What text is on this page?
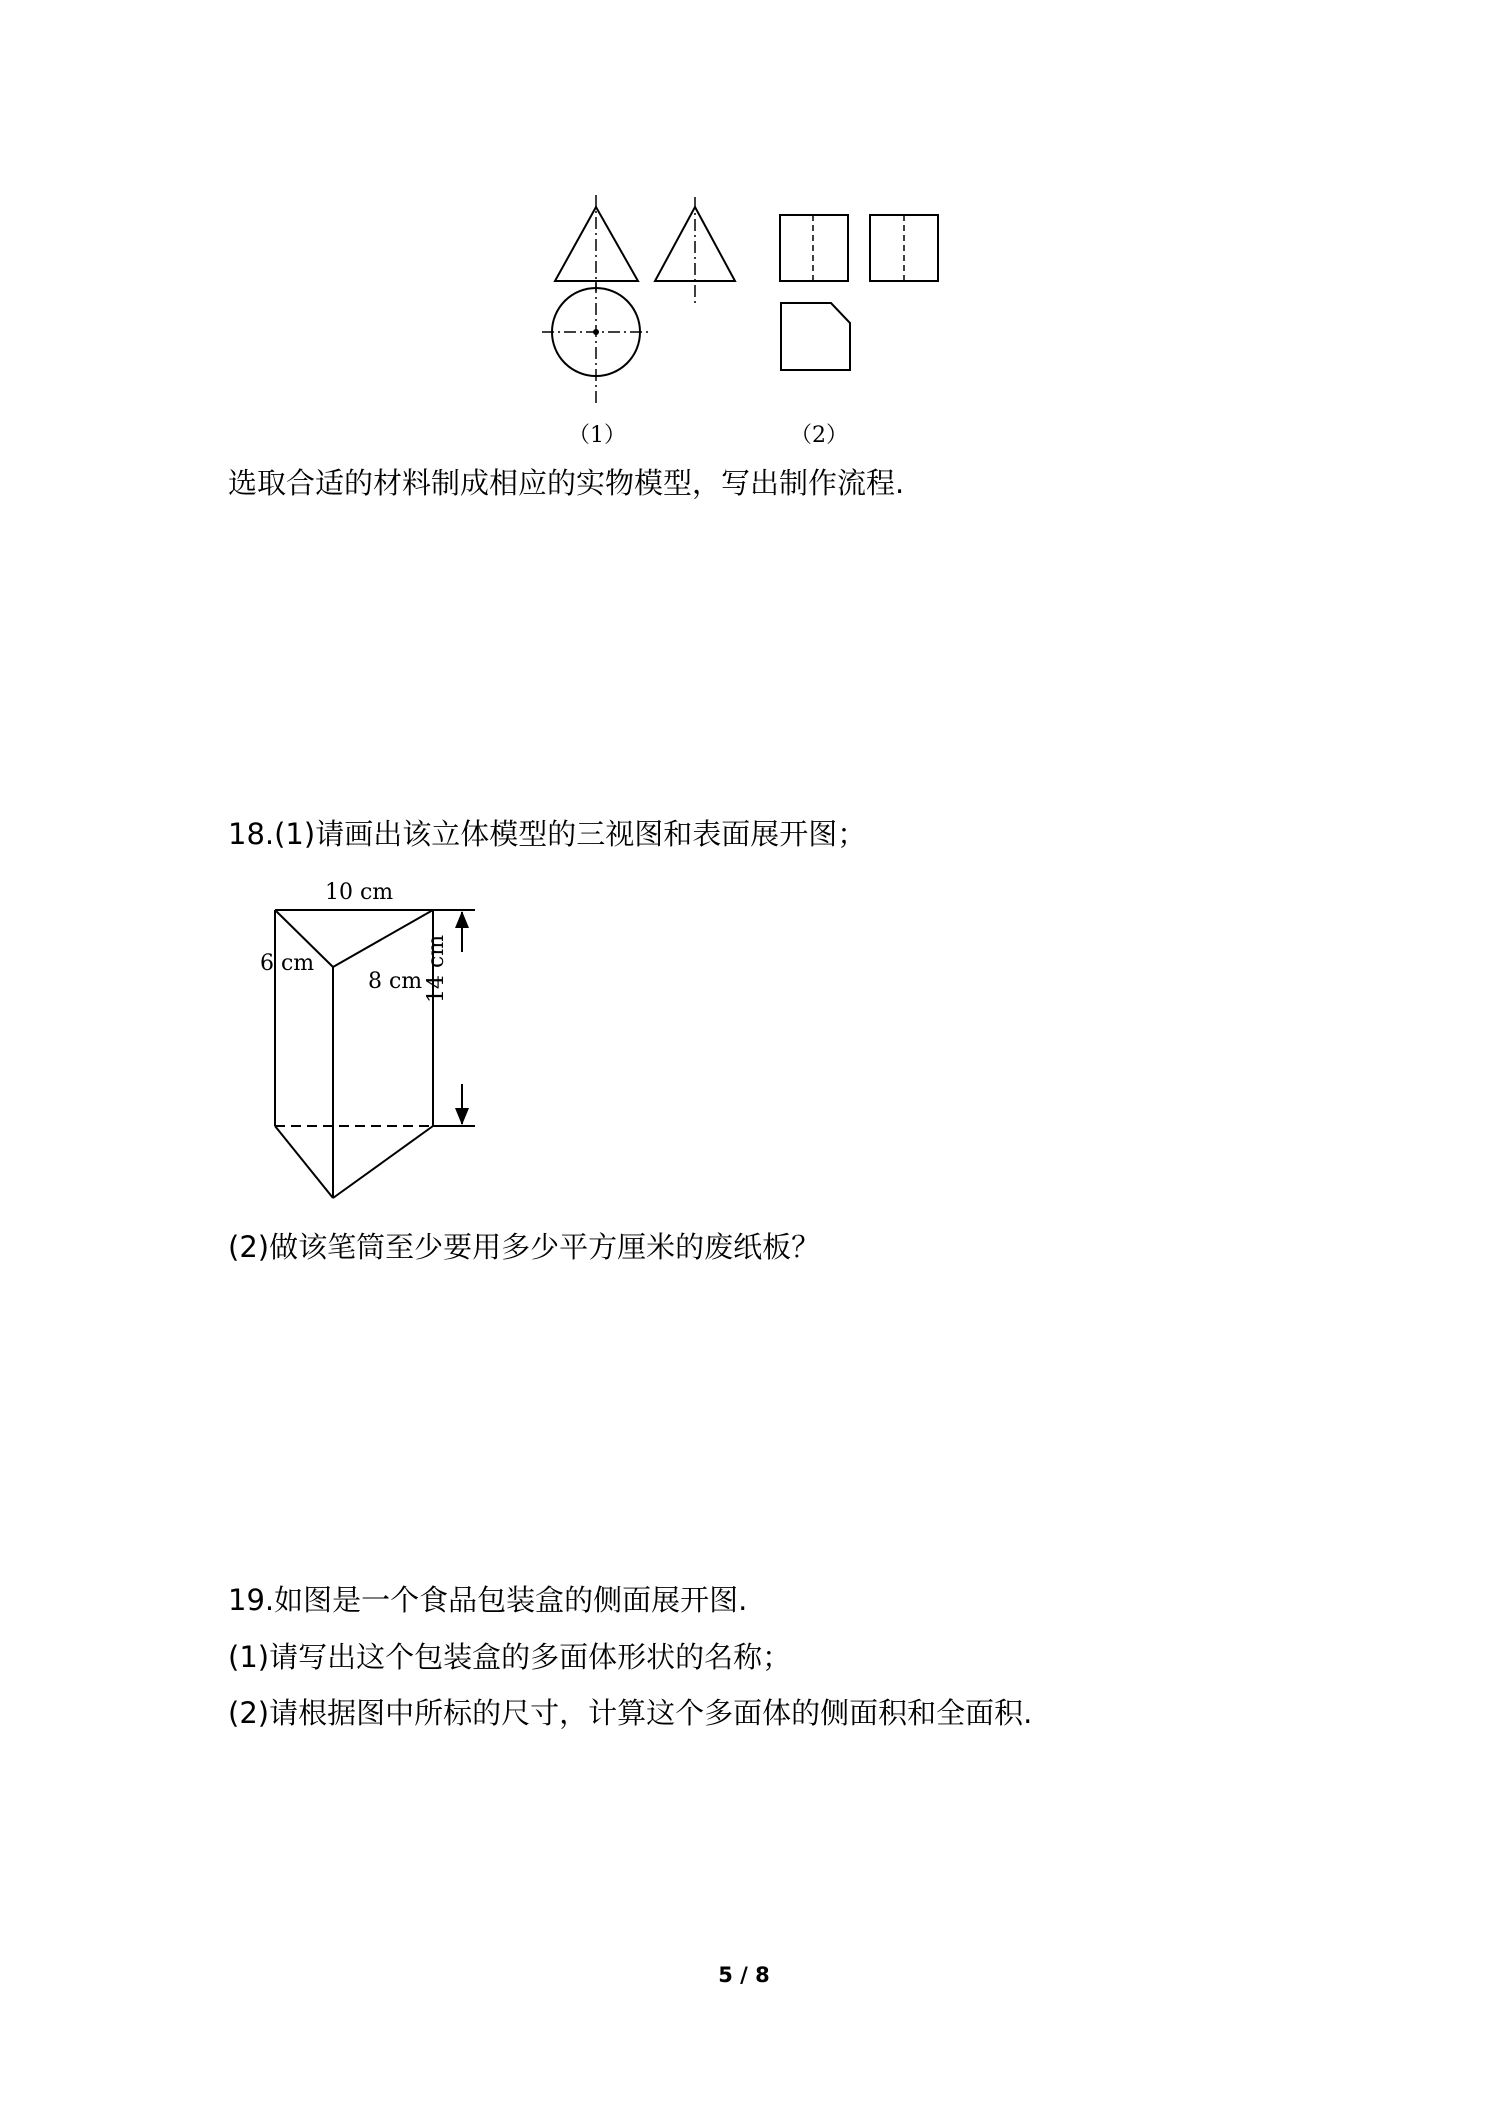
（1）	（2）
选取合适的材料制成相应的实物模型，写出制作流程.
18.(1)请画出该立体模型的三视图和表面展开图；
10 cm
6 cm
8 cm 14 cm
(2)做该笔筒至少要用多少平方厘米的废纸板？
19.如图是一个食品包装盒的侧面展开图.
(1)请写出这个包装盒的多面体形状的名称；
(2)请根据图中所标的尺寸，计算这个多面体的侧面积和全面积.
5 / 8
